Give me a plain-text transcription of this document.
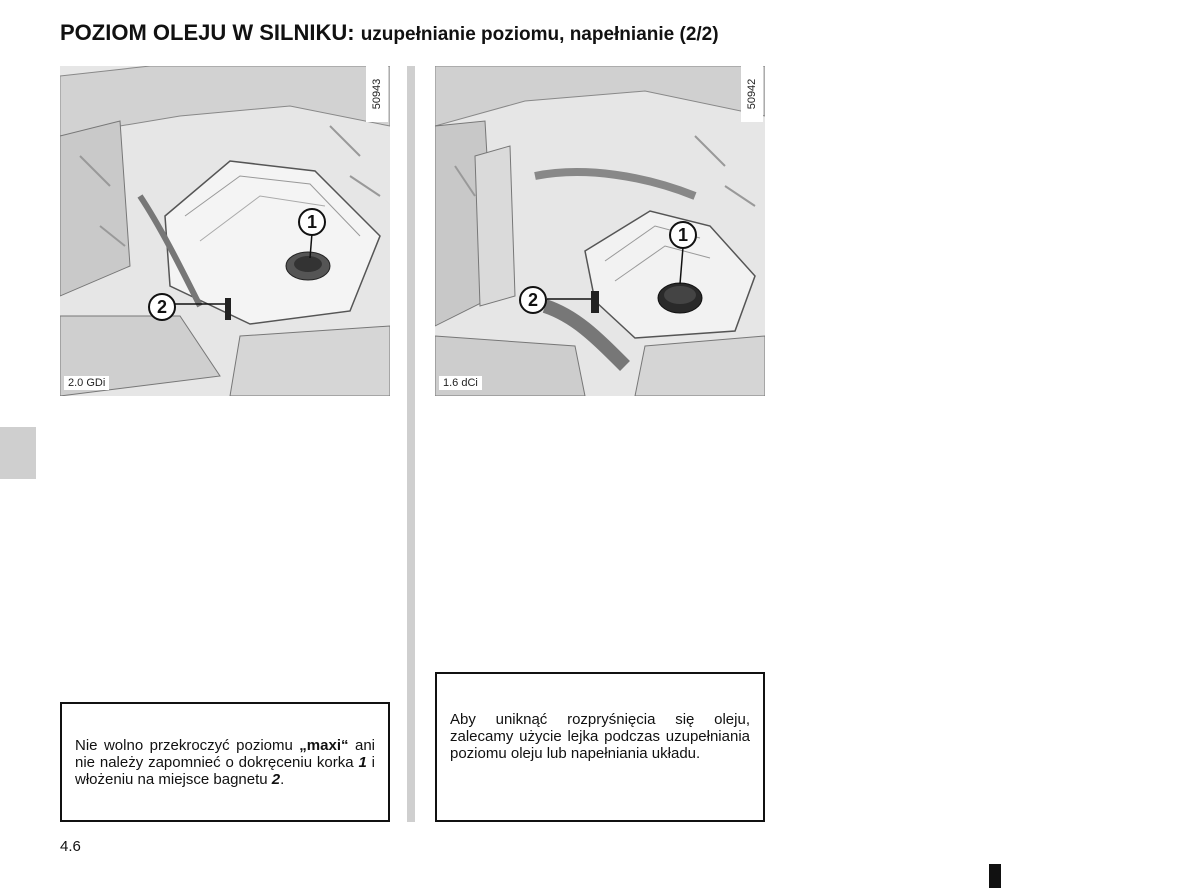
POZIOM OLEJU W SILNIKU: uzupełnianie poziomu, napełnianie (2/2)
50943
2.0 GDi
1
2
50942
1.6 dCi
1
2

Nie wolno przekroczyć poziomu „maxi“ ani nie należy zapomnieć o dokręceniu korka 1 i włożeniu na miejsce bagnetu 2.

Aby uniknąć rozpryśnięcia się oleju, zalecamy użycie lejka podczas uzupełniania poziomu oleju lub napełniania układu.

4.6
